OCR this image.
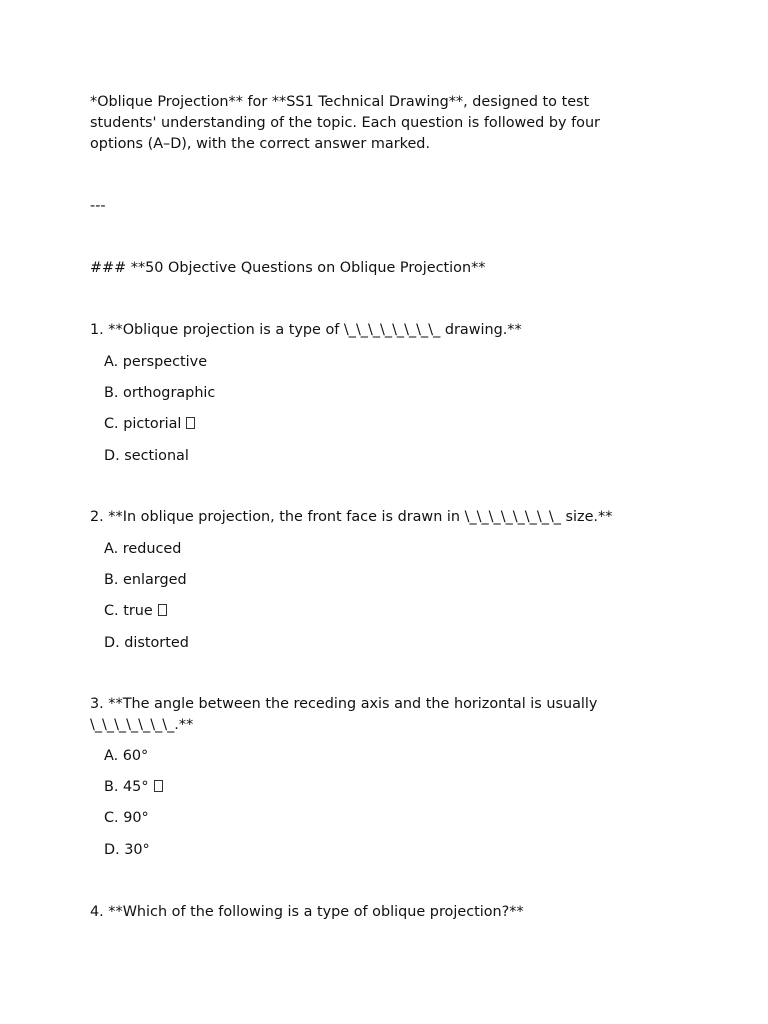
*Oblique Projection** for **SS1 Technical Drawing**, designed to test students' understanding of the topic. Each question is followed by four options (A–D), with the correct answer marked.
---
### **50 Objective Questions on Oblique Projection**
1. **Oblique projection is a type of \_\_\_\_\_\_\_\_ drawing.**
A. perspective
B. orthographic
C. pictorial
D. sectional
2. **In oblique projection, the front face is drawn in \_\_\_\_\_\_\_\_ size.**
A. reduced
B. enlarged
C. true
D. distorted
3. **The angle between the receding axis and the horizontal is usually \_\_\_\_\_\_\_.**
A. 60°
B. 45°
C. 90°
D. 30°
4. **Which of the following is a type of oblique projection?**
